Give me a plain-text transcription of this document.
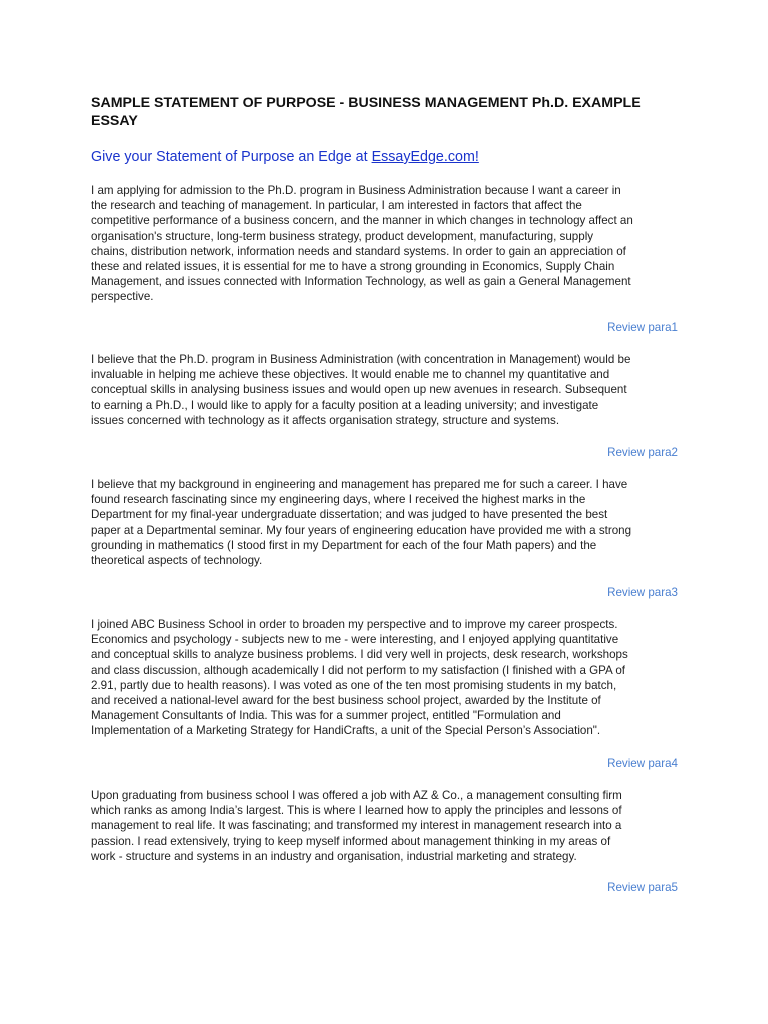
SAMPLE STATEMENT OF PURPOSE - BUSINESS MANAGEMENT Ph.D. EXAMPLE ESSAY

Give your Statement of Purpose an Edge at EssayEdge.com!

I am applying for admission to the Ph.D. program in Business Administration because I want a career in
the research and teaching of management. In particular, I am interested in factors that affect the
competitive performance of a business concern, and the manner in which changes in technology affect an
organisation's structure, long-term business strategy, product development, manufacturing, supply
chains, distribution network, information needs and standard systems. In order to gain an appreciation of
these and related issues, it is essential for me to have a strong grounding in Economics, Supply Chain
Management, and issues connected with Information Technology, as well as gain a General Management
perspective.

Review para1

I believe that the Ph.D. program in Business Administration (with concentration in Management) would be
invaluable in helping me achieve these objectives. It would enable me to channel my quantitative and
conceptual skills in analysing business issues and would open up new avenues in research. Subsequent
to earning a Ph.D., I would like to apply for a faculty position at a leading university; and investigate
issues concerned with technology as it affects organisation strategy, structure and systems.

Review para2

I believe that my background in engineering and management has prepared me for such a career. I have
found research fascinating since my engineering days, where I received the highest marks in the
Department for my final-year undergraduate dissertation; and was judged to have presented the best
paper at a Departmental seminar. My four years of engineering education have provided me with a strong
grounding in mathematics (I stood first in my Department for each of the four Math papers) and the
theoretical aspects of technology.

Review para3

I joined ABC Business School in order to broaden my perspective and to improve my career prospects.
Economics and psychology - subjects new to me - were interesting, and I enjoyed applying quantitative
and conceptual skills to analyze business problems. I did very well in projects, desk research, workshops
and class discussion, although academically I did not perform to my satisfaction (I finished with a GPA of
2.91, partly due to health reasons). I was voted as one of the ten most promising students in my batch,
and received a national-level award for the best business school project, awarded by the Institute of
Management Consultants of India. This was for a summer project, entitled "Formulation and
Implementation of a Marketing Strategy for HandiCrafts, a unit of the Special Person’s Association".

Review para4

Upon graduating from business school I was offered a job with AZ & Co., a management consulting firm
which ranks as among India’s largest. This is where I learned how to apply the principles and lessons of
management to real life. It was fascinating; and transformed my interest in management research into a
passion. I read extensively, trying to keep myself informed about management thinking in my areas of
work - structure and systems in an industry and organisation, industrial marketing and strategy.

Review para5
